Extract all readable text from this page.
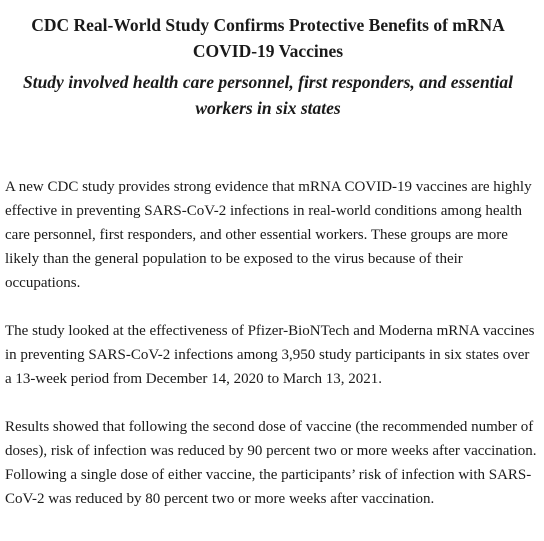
CDC Real-World Study Confirms Protective Benefits of mRNA COVID-19 Vaccines
Study involved health care personnel, first responders, and essential workers in six states

A new CDC study provides strong evidence that mRNA COVID-19 vaccines are highly effective in preventing SARS-CoV-2 infections in real-world conditions among health care personnel, first responders, and other essential workers. These groups are more likely than the general population to be exposed to the virus because of their occupations.

The study looked at the effectiveness of Pfizer-BioNTech and Moderna mRNA vaccines in preventing SARS-CoV-2 infections among 3,950 study participants in six states over a 13-week period from December 14, 2020 to March 13, 2021.

Results showed that following the second dose of vaccine (the recommended number of doses), risk of infection was reduced by 90 percent two or more weeks after vaccination. Following a single dose of either vaccine, the participants’ risk of infection with SARS-CoV-2 was reduced by 80 percent two or more weeks after vaccination.
